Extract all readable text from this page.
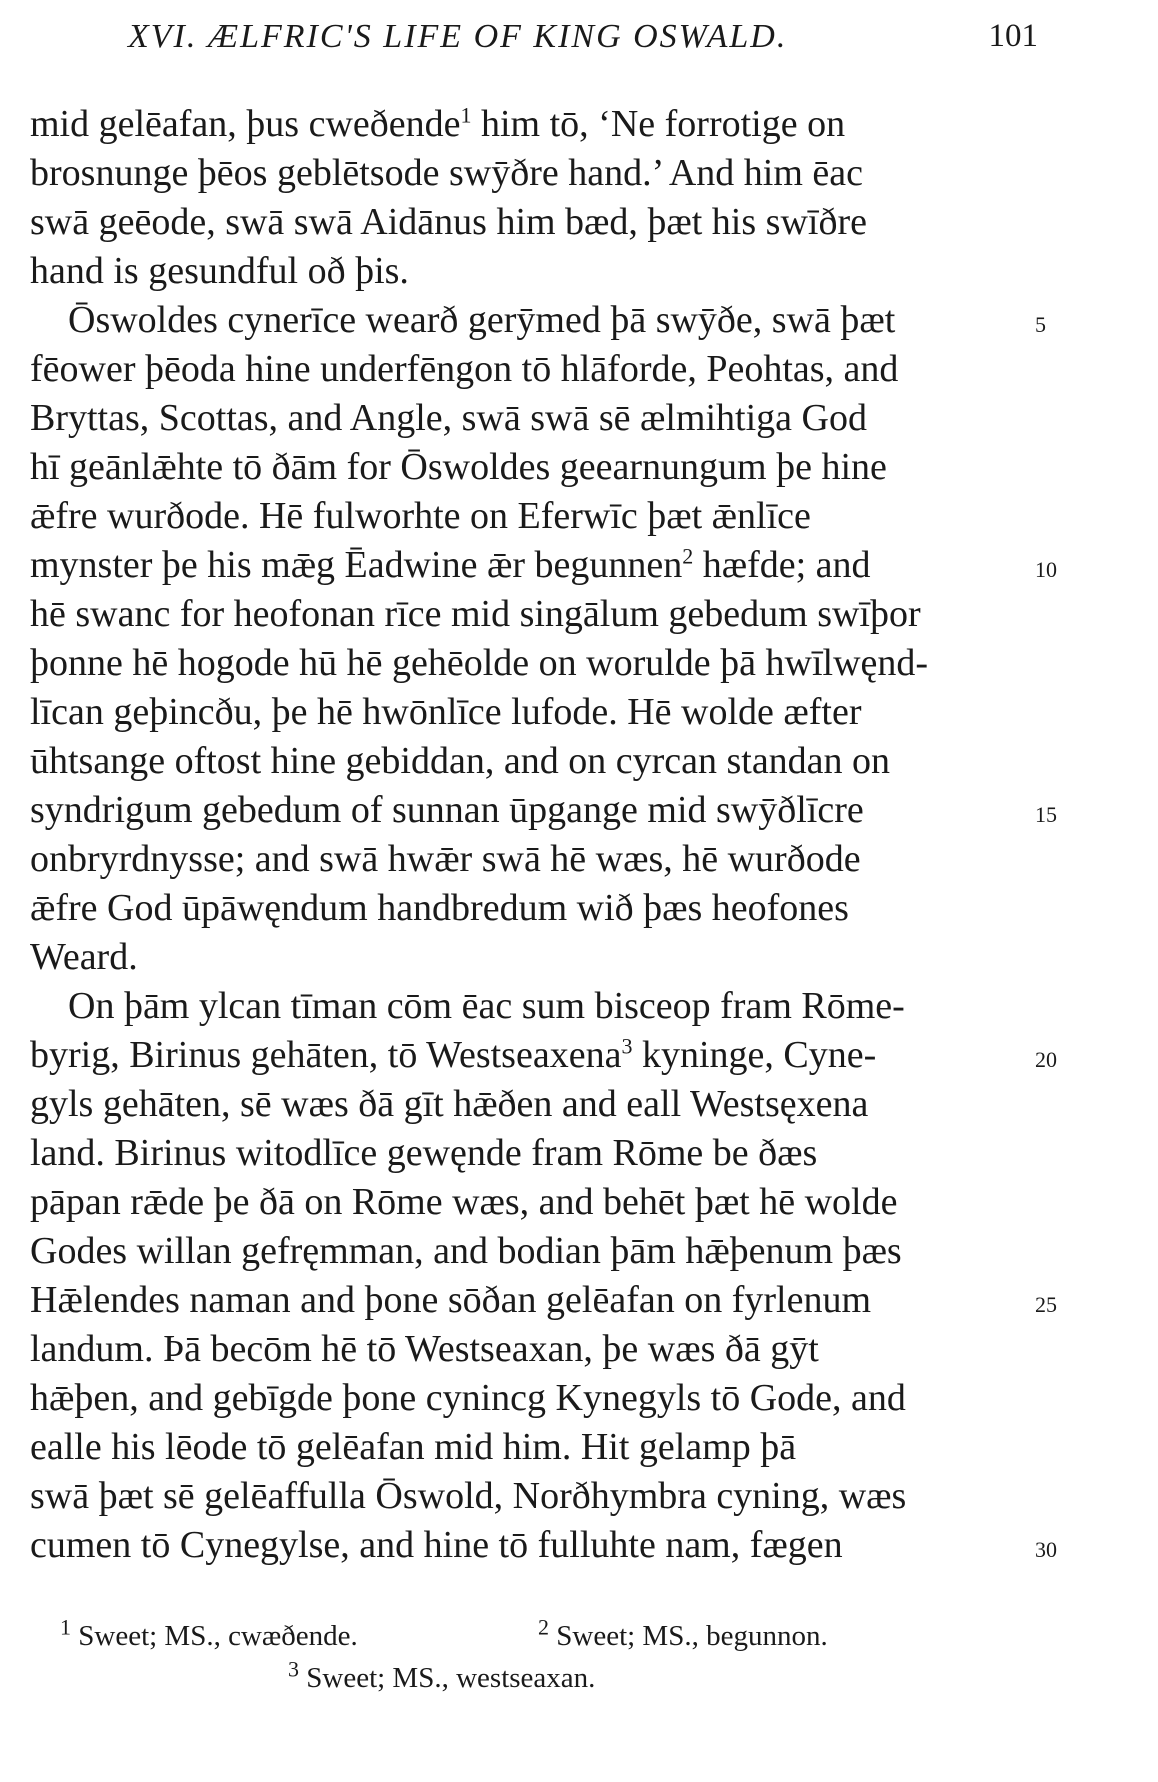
XVI. ÆLFRIC'S LIFE OF KING OSWALD.	101
mid gelēafan, þus cweðende$^1$ him tō, ‘Ne forrotige on
brosnunge þēos geblētsode swȳðre hand.’ And him ēac
swā geēode, swā swā Aidānus him bæd, þæt his swīðre
hand is gesundful oð þis.
Ōswoldes cynerīce wearð gerȳmed þā swȳðe, swā þæt	5
fēower þēoda hine underfēngon tō hlāforde, Peohtas, and
Bryttas, Scottas, and Angle, swā swā sē ælmihtiga God
hī geānlǣhte tō ðām for Ōswoldes geearnungum þe hine
ǣfre wurðode. Hē fulworhte on Eferwīc þæt ǣnlīce
mynster þe his mǣg Ēadwine ǣr begunnen$^2$ hæfde; and	10
hē swanc for heofonan rīce mid singālum gebedum swīþor
þonne hē hogode hū hē gehēolde on worulde þā hwīlwęnd-
līcan geþincðu, þe hē hwōnlīce lufode. Hē wolde æfter
ūhtsange oftost hine gebiddan, and on cyrcan standan on
syndrigum gebedum of sunnan ūpgange mid swȳðlīcre	15
onbryrdnysse; and swā hwǣr swā hē wæs, hē wurðode
ǣfre God ūpāwęndum handbredum wið þæs heofones
Weard.
On þām ylcan tīman cōm ēac sum bisceop fram Rōme-
byrig, Birinus gehāten, tō Westseaxena$^3$ kyninge, Cyne-	20
gyls gehāten, sē wæs ðā gīt hǣðen and eall Westsęxena
land. Birinus witodlīce gewęnde fram Rōme be ðæs
pāpan rǣde þe ðā on Rōme wæs, and behēt þæt hē wolde
Godes willan gefręmman, and bodian þām hǣþenum þæs
Hǣlendes naman and þone sōðan gelēafan on fyrlenum	25
landum. Þā becōm hē tō Westseaxan, þe wæs ðā gȳt
hǣþen, and gebīgde þone cynincg Kynegyls tō Gode, and
ealle his lēode tō gelēafan mid him. Hit gelamp þā
swā þæt sē gelēaffulla Ōswold, Norðhymbra cyning, wæs
cumen tō Cynegylse, and hine tō fulluhte nam, fægen	30
$^1$ Sweet; MS., cwæðende.	$^2$ Sweet; MS., begunnon.
$^3$ Sweet; MS., westseaxan.
